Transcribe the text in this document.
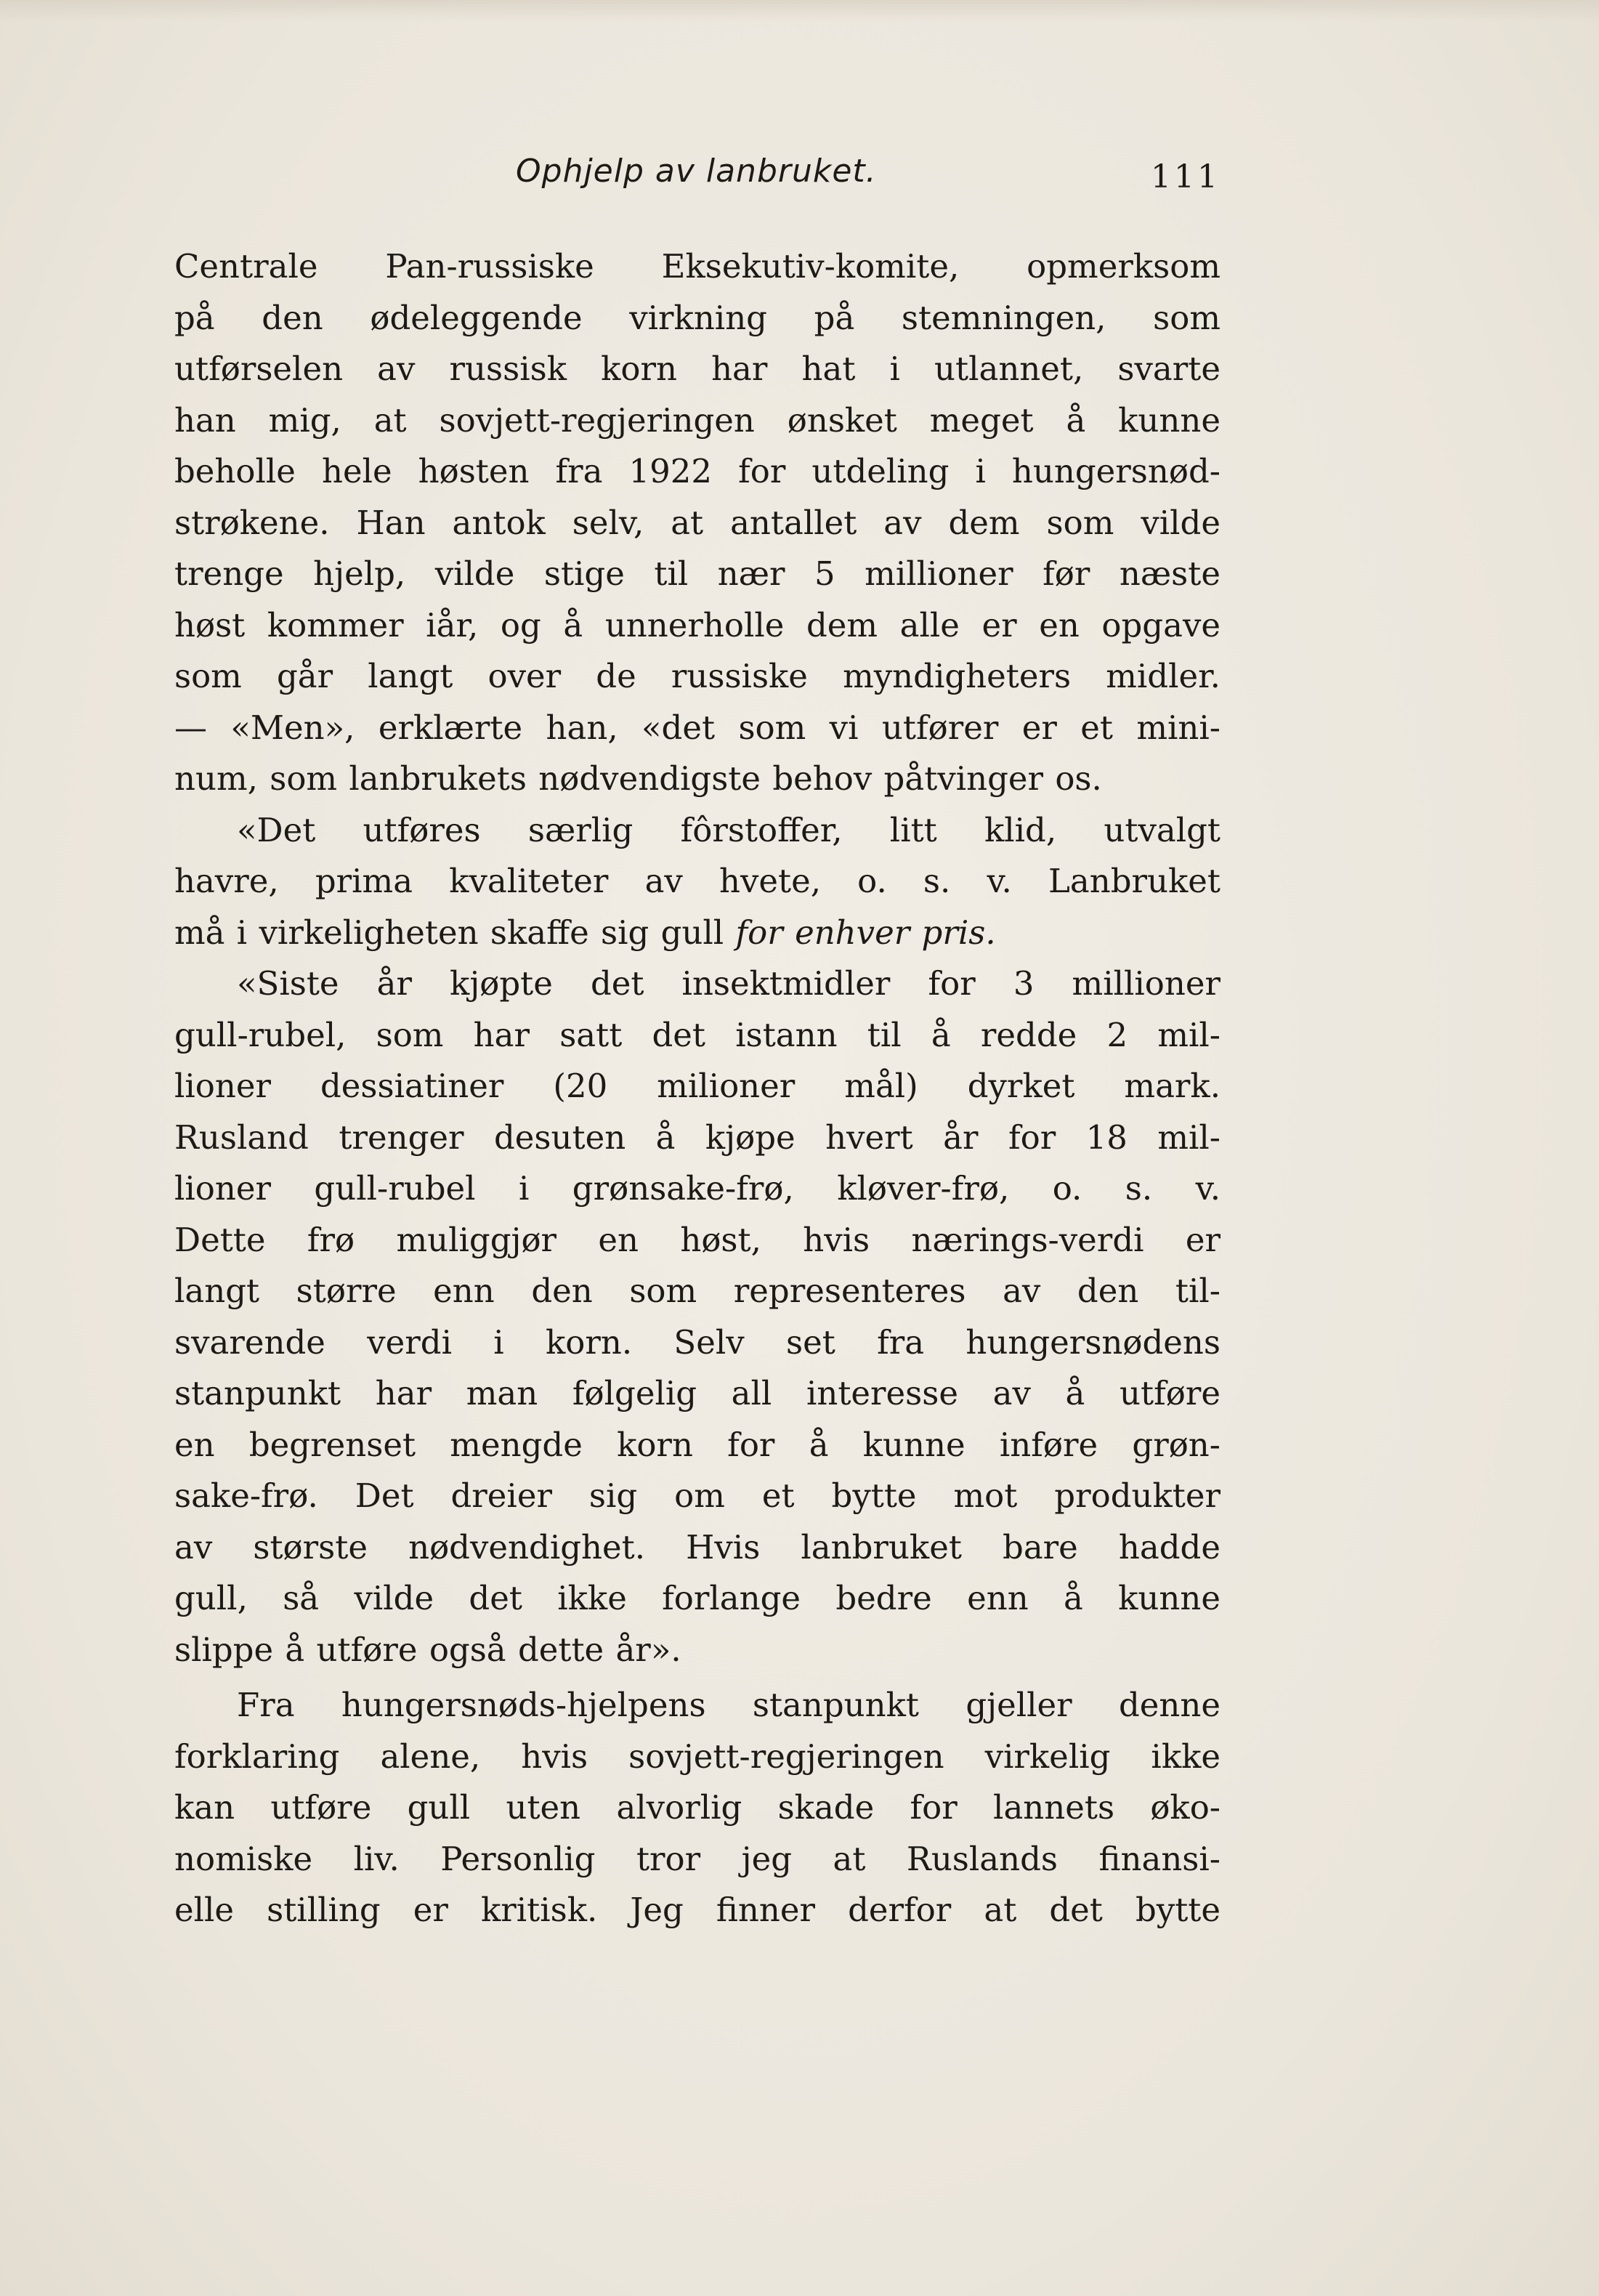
Ophjelp av lanbruket.	111
Centrale Pan-russiske Eksekutiv-komite, opmerksom
på den ødeleggende virkning på stemningen, som
utførselen av russisk korn har hat i utlannet, svarte
han mig, at sovjett-regjeringen ønsket meget å kunne
beholle hele høsten fra 1922 for utdeling i hungersnød-
strøkene. Han antok selv, at antallet av dem som vilde
trenge hjelp, vilde stige til nær 5 millioner før næste
høst kommer iår, og å unnerholle dem alle er en opgave
som går langt over de russiske myndigheters midler.
— «Men», erklærte han, «det som vi utfører er et mini-
num, som lanbrukets nødvendigste behov påtvinger os.
«Det utføres særlig fôrstoffer, litt klid, utvalgt
havre, prima kvaliteter av hvete, o. s. v. Lanbruket
må i virkeligheten skaffe sig gull for enhver pris.
«Siste år kjøpte det insektmidler for 3 millioner
gull-rubel, som har satt det istann til å redde 2 mil-
lioner dessiatiner (20 milioner mål) dyrket mark.
Rusland trenger desuten å kjøpe hvert år for 18 mil-
lioner gull-rubel i grønsake-frø, kløver-frø, o. s. v.
Dette frø muliggjør en høst, hvis nærings-verdi er
langt større enn den som representeres av den til-
svarende verdi i korn. Selv set fra hungersnødens
stanpunkt har man følgelig all interesse av å utføre
en begrenset mengde korn for å kunne inføre grøn-
sake-frø. Det dreier sig om et bytte mot produkter
av største nødvendighet. Hvis lanbruket bare hadde
gull, så vilde det ikke forlange bedre enn å kunne
slippe å utføre også dette år».
Fra hungersnøds-hjelpens stanpunkt gjeller denne
forklaring alene, hvis sovjett-regjeringen virkelig ikke
kan utføre gull uten alvorlig skade for lannets øko-
nomiske liv. Personlig tror jeg at Ruslands finansi-
elle stilling er kritisk. Jeg finner derfor at det bytte
